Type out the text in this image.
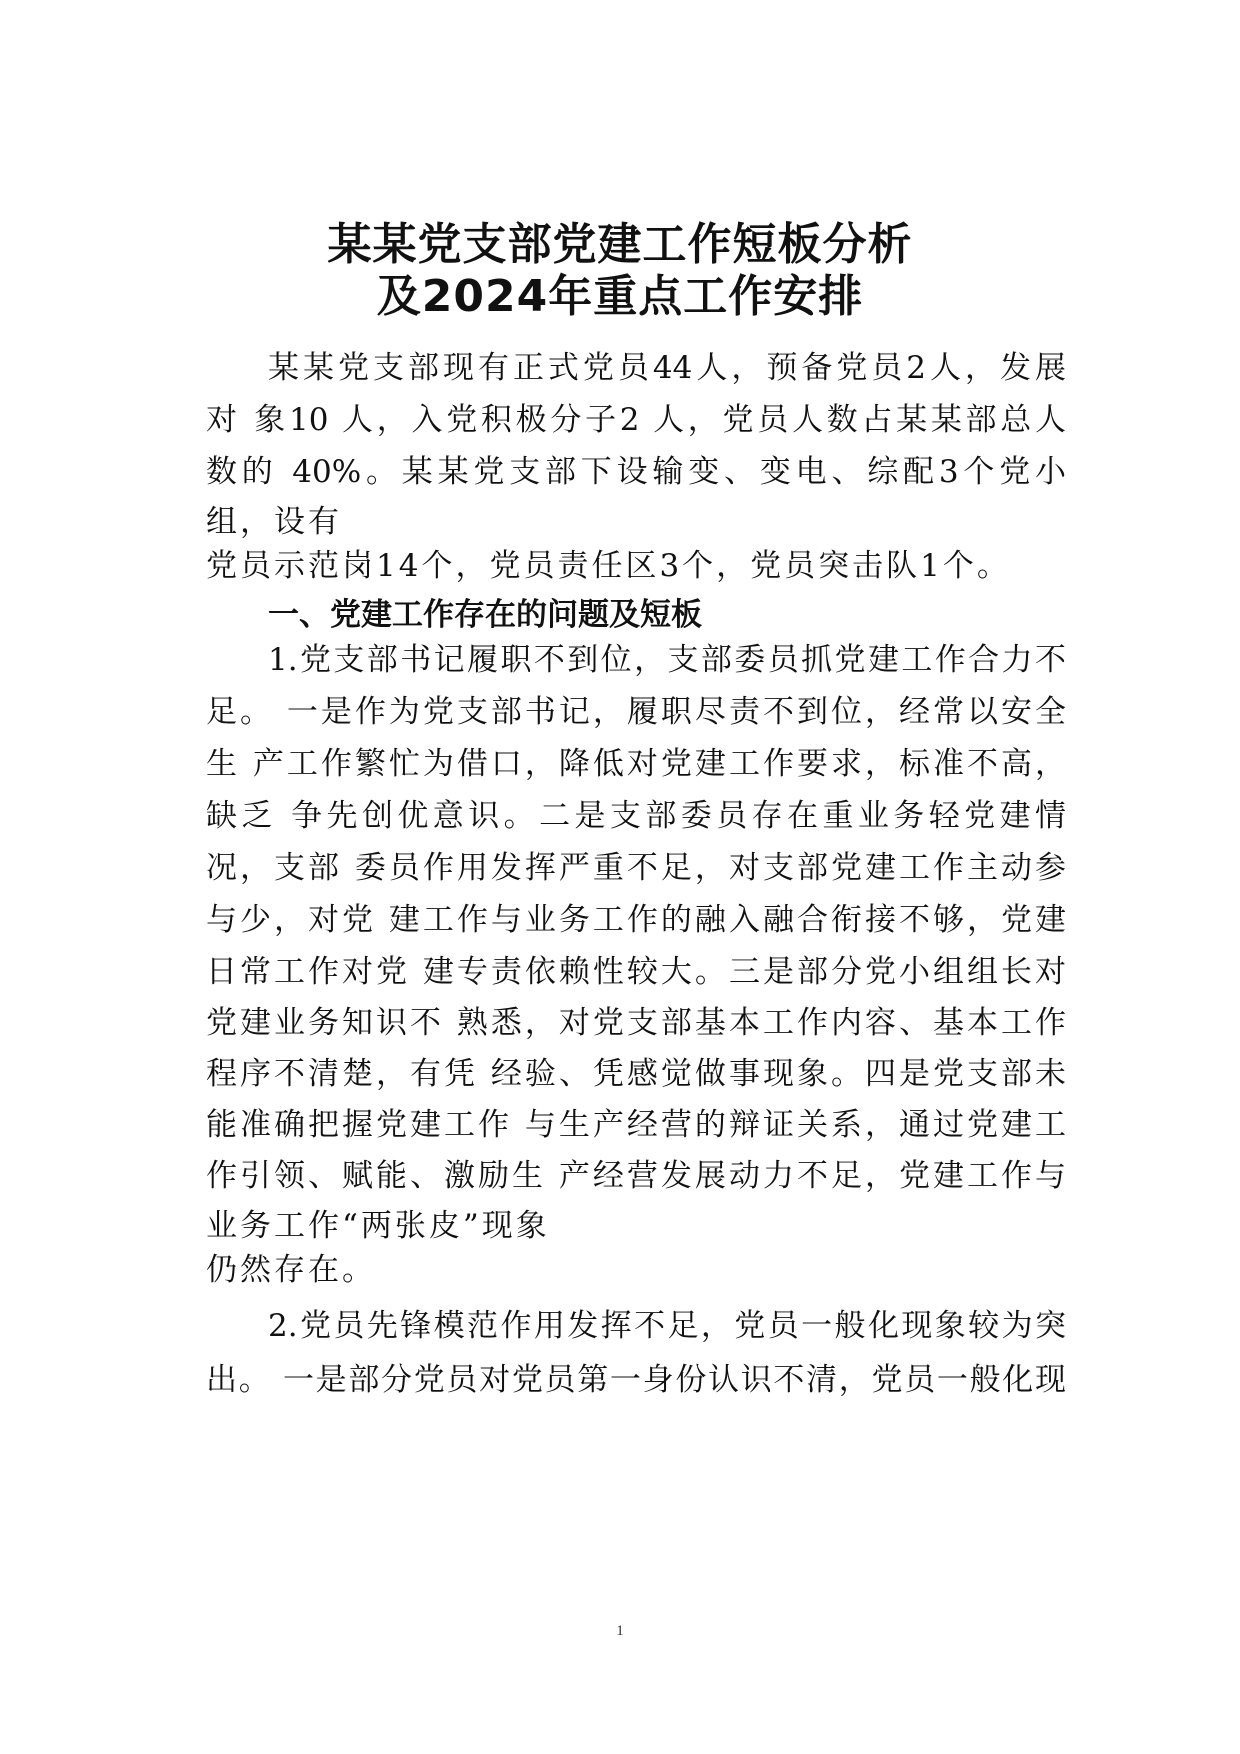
某某党支部党建工作短板分析
及2024年重点工作安排
某某党支部现有正式党员44人，预备党员2人，发展
对 象10 人，入党积极分子2 人，党员人数占某某部总人
数的 40%。某某党支部下设输变、变电、综配3个党小
组，设有
党员示范岗14个，党员责任区3个，党员突击队1个。
一、党建工作存在的问题及短板
1.党支部书记履职不到位，支部委员抓党建工作合力不
足。 一是作为党支部书记，履职尽责不到位，经常以安全
生 产工作繁忙为借口，降低对党建工作要求，标准不高，
缺乏 争先创优意识。二是支部委员存在重业务轻党建情
况，支部 委员作用发挥严重不足，对支部党建工作主动参
与少，对党 建工作与业务工作的融入融合衔接不够，党建
日常工作对党 建专责依赖性较大。三是部分党小组组长对
党建业务知识不 熟悉，对党支部基本工作内容、基本工作
程序不清楚，有凭 经验、凭感觉做事现象。四是党支部未
能准确把握党建工作 与生产经营的辩证关系，通过党建工
作引领、赋能、激励生 产经营发展动力不足，党建工作与
业务工作“两张皮”现象
仍然存在。
2.党员先锋模范作用发挥不足，党员一般化现象较为突
出。 一是部分党员对党员第一身份认识不清，党员一般化现
1
